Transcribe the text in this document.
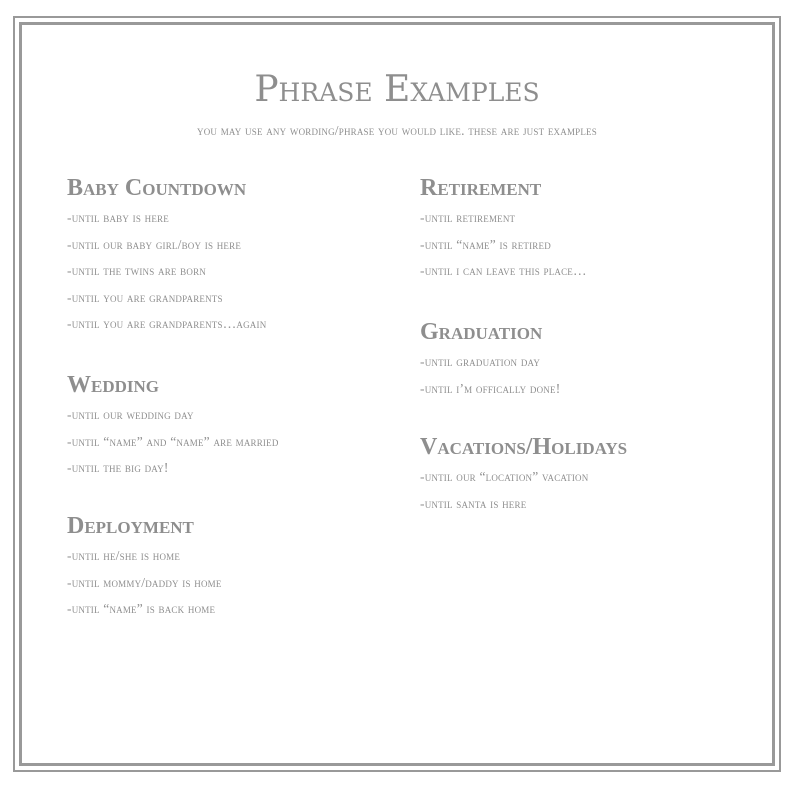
Phrase Examples
you may use any wording/phrase you would like. these are just examples
Baby Countdown
-until baby is here
-until our baby girl/boy is here
-until the twins are born
-until you are grandparents
-until you are grandparents…again
Wedding
-until our wedding day
-until “name” and “name” are married
-until the big day!
Deployment
-until he/she is home
-until mommy/daddy is home
-until “name” is back home
Retirement
-until retirement
-until “name” is retired
-until i can leave this place…
Graduation
-until graduation day
-until i’m offically done!
Vacations/Holidays
-until our “location” vacation
-until santa is here
